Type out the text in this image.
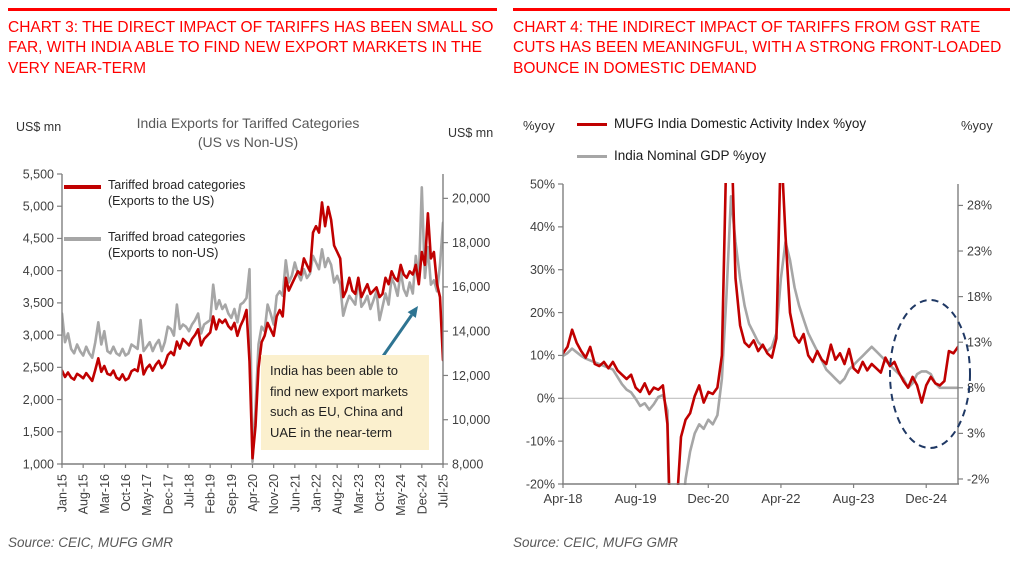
CHART 3: THE DIRECT IMPACT OF TARIFFS HAS BEEN SMALL SO FAR, WITH INDIA ABLE TO FIND NEW EXPORT MARKETS IN THE VERY NEAR-TERM
India Exports for Tariffed Categories
(US vs Non-US)
US$ mn	US$ mn
Tariffed broad categories
(Exports to the US)
Tariffed broad categories
(Exports to non-US)
5,500
5,000
4,500
4,000
3,500
3,000
2,500
2,000
1,500
1,000
20,000
18,000
16,000
14,000
12,000
10,000
8,000
Jan-15 Aug-15 Mar-16 Oct-16 May-17 Dec-17 Jul-18 Feb-19 Sep-19 Apr-20 Nov-20 Jun-21 Jan-22 Aug-22 Mar-23 Oct-23 May-24 Dec-24 Jul-25
India has been able to find new export markets such as EU, China and UAE in the near-term
Source: CEIC, MUFG GMR
CHART 4: THE INDIRECT IMPACT OF TARIFFS FROM GST RATE CUTS HAS BEEN MEANINGFUL, WITH A STRONG FRONT-LOADED BOUNCE IN DOMESTIC DEMAND
%yoy	%yoy
MUFG India Domestic Activity Index %yoy
India Nominal GDP %yoy
50%
40%
30%
20%
10%
0%
-10%
-20%
28%
23%
18%
13%
8%
3%
-2%
Apr-18 Aug-19 Dec-20 Apr-22 Aug-23 Dec-24
Source: CEIC, MUFG GMR
